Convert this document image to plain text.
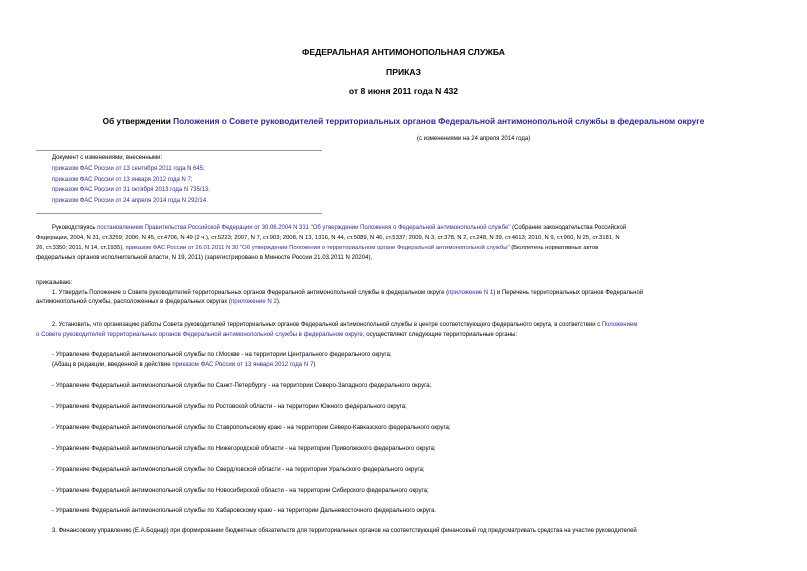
ФЕДЕРАЛЬНАЯ АНТИМОНОПОЛЬНАЯ СЛУЖБА
ПРИКАЗ
от 8 июня 2011 года N 432
Об утверждении Положения о Совете руководителей территориальных органов Федеральной антимонопольной службы в федеральном округе
(с изменениями на 24 апреля 2014 года)
Документ с изменениями, внесенными:
приказом ФАС России от 13 сентября 2011 года N 645;
приказом ФАС России от 13 января 2012 года N 7;
приказом ФАС России от 31 октября 2013 года N 735/13;
приказом ФАС России от 24 апреля 2014 года N 292/14.
Руководствуясь постановлением Правительства Российской Федерации от 30.06.2004 N 331 "Об утверждении Положения о Федеральной антимонопольной службе" (Собрание законодательства Российской
Федерации, 2004, N 31, ст.3259; 2006, N 45, ст.4706, N 49 (2 ч.), ст.5223; 2007, N 7, ст.903; 2008, N 13, 1316, N 44, ст.5089, N 46, ст.5337; 2009, N 3, ст.378, N 2, ст.248, N 39, ст.4613; 2010, N 9, ст.960, N 25, ст.3181, N
26, ст.3350; 2011, N 14, ст.1935), приказом ФАС России от 26.01.2011 N 30 "Об утверждении Положения о территориальном органе Федеральной антимонопольной службы" (Бюллетень нормативных актов
федеральных органов исполнительной власти, N 19, 2011) (зарегистрировано в Минюсте России 21.03.2011 N 20204),
приказываю:
1. Утвердить Положение о Совете руководителей территориальных органов Федеральной антимонопольной службы в федеральном округе (приложение N 1) и Перечень территориальных органов Федеральной
антимонопольной службы, расположенных в федеральных округах (приложение N 2).
2. Установить, что организацию работы Совета руководителей территориальных органов Федеральной антимонопольной службы в центре соответствующего федерального округа, в соответствии с Положением
о Совете руководителей территориальных органов Федеральной антимонопольной службы в федеральном округе, осуществляют следующие территориальные органы:
- Управление Федеральной антимонопольной службы по г.Москве - на территории Центрального федерального округа;
(Абзац в редакции, введенной в действие приказом ФАС России от 13 января 2012 года N 7)
- Управление Федеральной антимонопольной службы по Санкт-Петербургу - на территории Северо-Западного федерального округа;
- Управление Федеральной антимонопольной службы по Ростовской области - на территории Южного федерального округа;
- Управление Федеральной антимонопольной службы по Ставропольскому краю - на территории Северо-Кавказского федерального округа;
- Управление Федеральной антимонопольной службы по Нижегородской области - на территории Приволжского федерального округа;
- Управление Федеральной антимонопольной службы по Свердловской области - на территории Уральского федерального округа;
- Управление Федеральной антимонопольной службы по Новосибирской области - на территории Сибирского федерального округа;
- Управление Федеральной антимонопольной службы по Хабаровскому краю - на территории Дальневосточного федерального округа.
3. Финансовому управлению (Е.А.Боднар) при формировании бюджетных обязательств для территориальных органов на соответствующий финансовый год предусматривать средства на участие руководителей
